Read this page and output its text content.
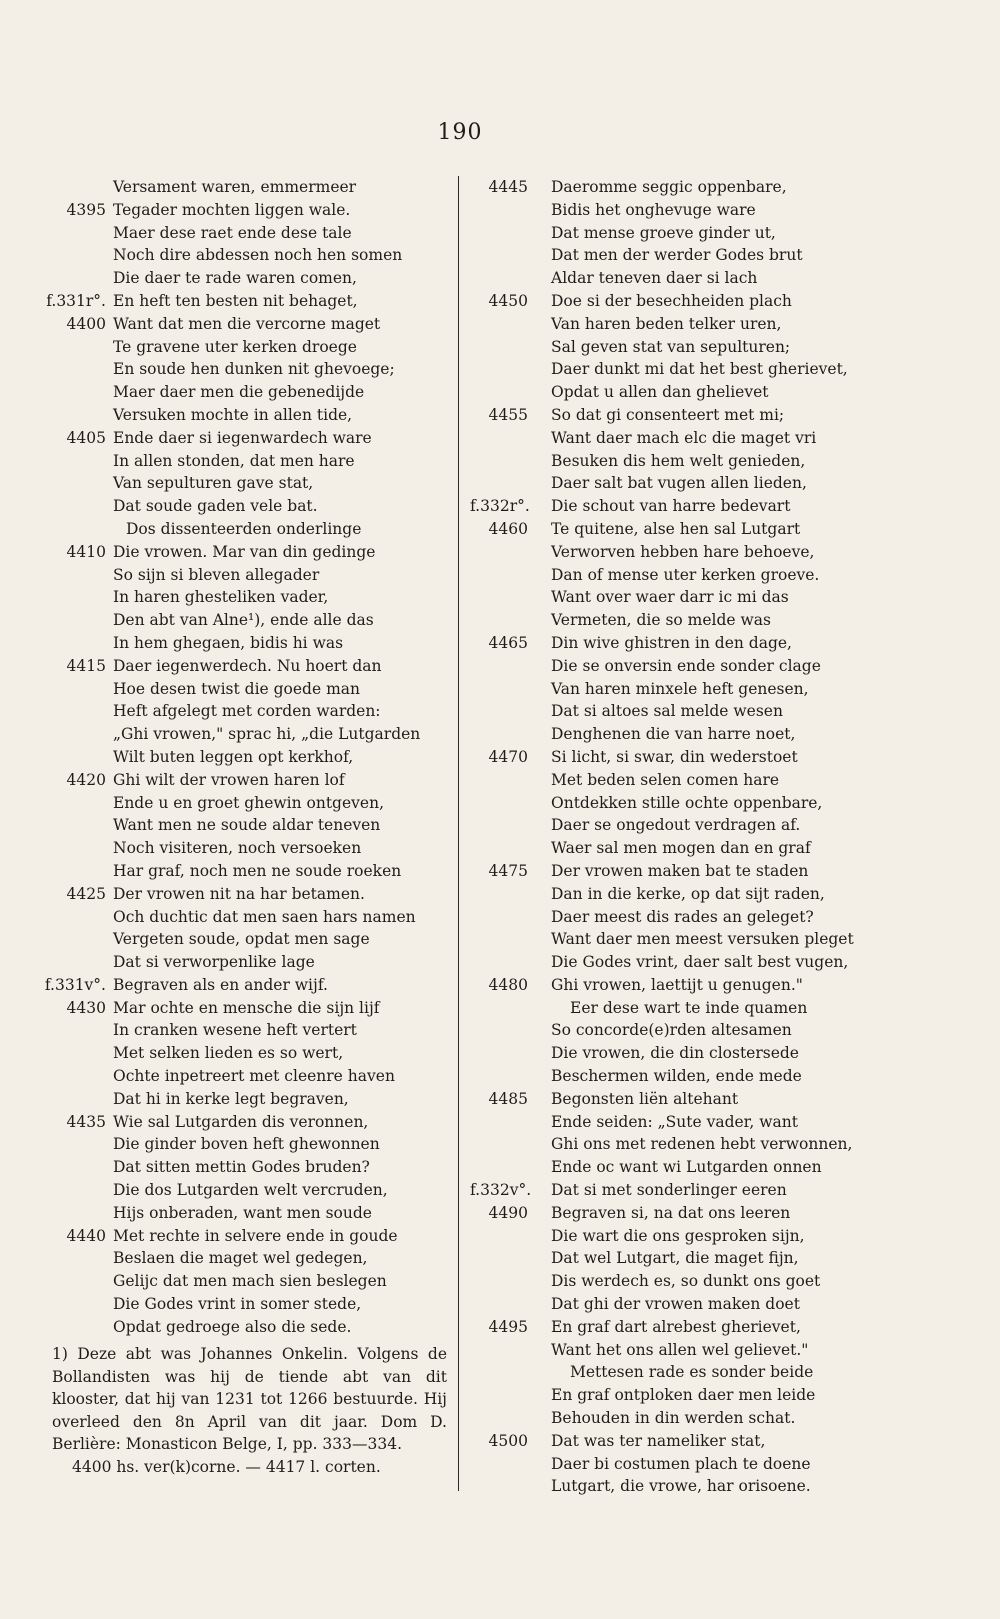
190
Versament waren, emmermeer
4395 Tegader mochten liggen wale.
Maer dese raet ende dese tale
Noch dire abdessen noch hen somen
Die daer te rade waren comen,
f.331r°. En heft ten besten nit behaget,
4400 Want dat men die vercorne maget
Te gravene uter kerken droege
En soude hen dunken nit ghevoege;
Maer daer men die gebenedijde
Versuken mochte in allen tide,
4405 Ende daer si iegenwardech ware
In allen stonden, dat men hare
Van sepulturen gave stat,
Dat soude gaden vele bat.
Dos dissenteerden onderlinge
4410 Die vrowen. Mar van din gedinge
So sijn si bleven allegader
In haren ghesteliken vader,
Den abt van Alne¹), ende alle das
In hem ghegaen, bidis hi was
4415 Daer iegenwerdech. Nu hoert dan
Hoe desen twist die goede man
Heft afgelegt met corden warden:
„Ghi vrowen," sprac hi, „die Lutgarden
Wilt buten leggen opt kerkhof,
4420 Ghi wilt der vrowen haren lof
Ende u en groet ghewin ontgeven,
Want men ne soude aldar teneven
Noch visiteren, noch versoeken
Har graf, noch men ne soude roeken
4425 Der vrowen nit na har betamen.
Och duchtic dat men saen hars namen
Vergeten soude, opdat men sage
Dat si verworpenlike lage
f.331v°. Begraven als en ander wijf.
4430 Mar ochte en mensche die sijn lijf
In cranken wesene heft vertert
Met selken lieden es so wert,
Ochte inpetreert met cleenre haven
Dat hi in kerke legt begraven,
4435 Wie sal Lutgarden dis veronnen,
Die ginder boven heft ghewonnen
Dat sitten mettin Godes bruden?
Die dos Lutgarden welt vercruden,
Hijs onberaden, want men soude
4440 Met rechte in selvere ende in goude
Beslaen die maget wel gedegen,
Gelijc dat men mach sien beslegen
Die Godes vrint in somer stede,
Opdat gedroege also die sede.
4445 Daeromme seggic oppenbare,
Bidis het onghevuge ware
Dat mense groeve ginder ut,
Dat men der werder Godes brut
Aldar teneven daer si lach
4450 Doe si der besechheiden plach
Van haren beden telker uren,
Sal geven stat van sepulturen;
Daer dunkt mi dat het best gherievet,
Opdat u allen dan ghelievet
4455 So dat gi consenteert met mi;
Want daer mach elc die maget vri
Besuken dis hem welt genieden,
Daer salt bat vugen allen lieden,
f.332r°. Die schout van harre bedevart
4460 Te quitene, alse hen sal Lutgart
Verworven hebben hare behoeve,
Dan of mense uter kerken groeve.
Want over waer darr ic mi das
Vermeten, die so melde was
4465 Din wive ghistren in den dage,
Die se onversin ende sonder clage
Van haren minxele heft genesen,
Dat si altoes sal melde wesen
Denghenen die van harre noet,
4470 Si licht, si swar, din wederstoet
Met beden selen comen hare
Ontdekken stille ochte oppenbare,
Daer se ongedout verdragen af.
Waer sal men mogen dan en graf
4475 Der vrowen maken bat te staden
Dan in die kerke, op dat sijt raden,
Daer meest dis rades an geleget?
Want daer men meest versuken pleget
Die Godes vrint, daer salt best vugen,
4480 Ghi vrowen, laettijt u genugen."
Eer dese wart te inde quamen
So concorde(e)rden altesamen
Die vrowen, die din clostersede
Beschermen wilden, ende mede
4485 Begonsten liën altehant
Ende seiden: „Sute vader, want
Ghi ons met redenen hebt verwonnen,
Ende oc want wi Lutgarden onnen
f.332v°. Dat si met sonderlinger eeren
4490 Begraven si, na dat ons leeren
Die wart die ons gesproken sijn,
Dat wel Lutgart, die maget fijn,
Dis werdech es, so dunkt ons goet
Dat ghi der vrowen maken doet
4495 En graf dart alrebest gherievet,
Want het ons allen wel gelievet."
Mettesen rade es sonder beide
En graf ontploken daer men leide
Behouden in din werden schat.
4500 Dat was ter nameliker stat,
Daer bi costumen plach te doene
Lutgart, die vrowe, har orisoene.

1) Deze abt was Johannes Onkelin. Volgens de Bollandisten was hij de tiende abt van dit klooster, dat hij van 1231 tot 1266 bestuurde. Hij overleed den 8n April van dit jaar. Dom D. Berlière: Monasticon Belge, I, pp. 333—334.

4400 hs. ver(k)corne. — 4417 l. corten.
